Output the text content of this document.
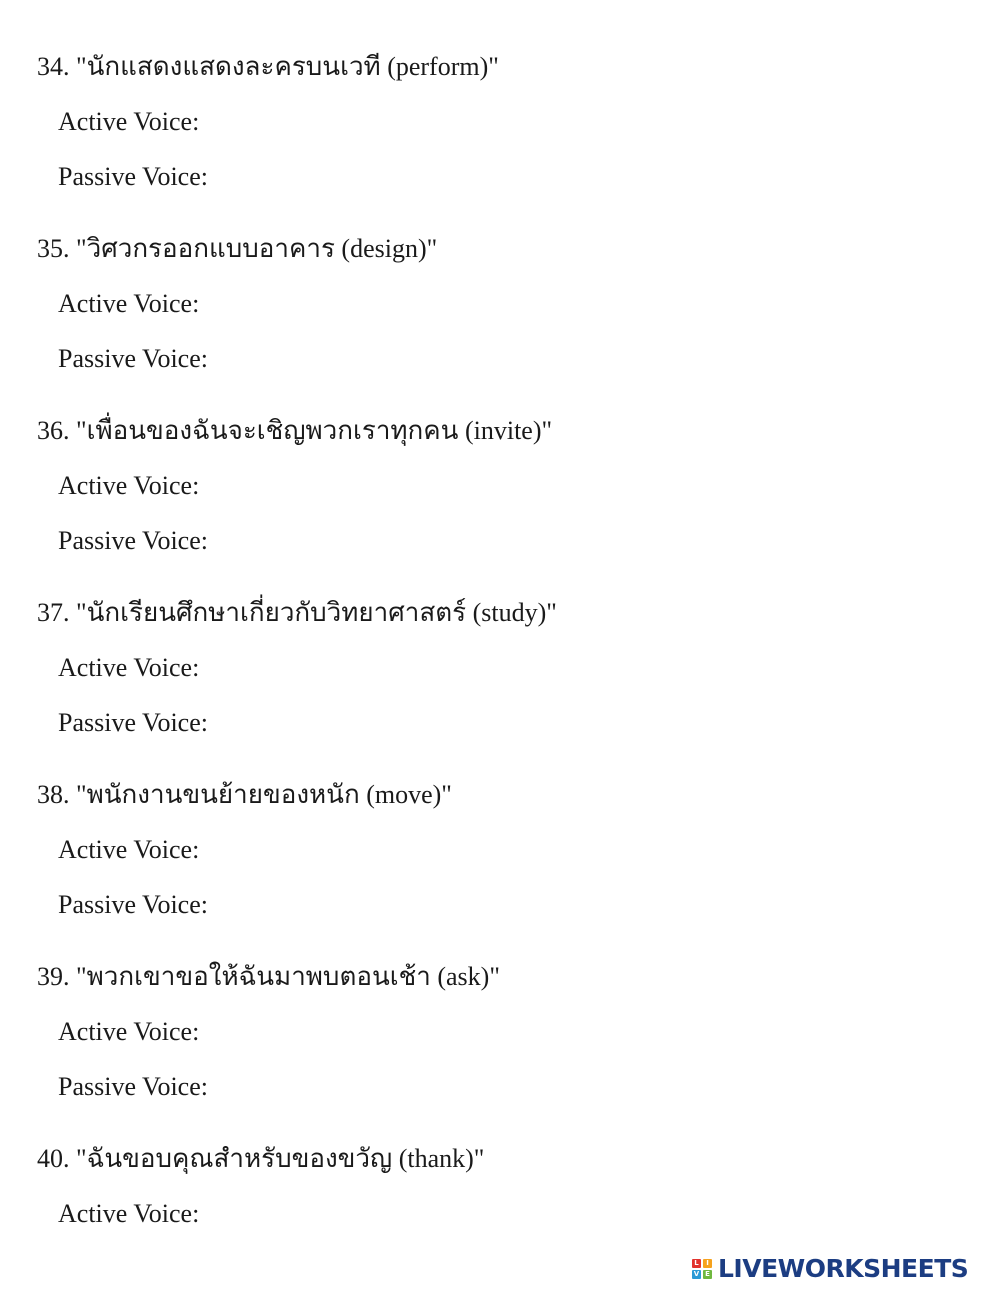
34. "นักแสดงแสดงละครบนเวที (perform)"
Active Voice:
Passive Voice:
35. "วิศวกรออกแบบอาคาร (design)"
Active Voice:
Passive Voice:
36. "เพื่อนของฉันจะเชิญพวกเราทุกคน (invite)"
Active Voice:
Passive Voice:
37. "นักเรียนศึกษาเกี่ยวกับวิทยาศาสตร์ (study)"
Active Voice:
Passive Voice:
38. "พนักงานขนย้ายของหนัก (move)"
Active Voice:
Passive Voice:
39. "พวกเขาขอให้ฉันมาพบตอนเช้า (ask)"
Active Voice:
Passive Voice:
40. "ฉันขอบคุณสำหรับของขวัญ (thank)"
Active Voice:
L	I
V E LIVEWORKSHEETS
